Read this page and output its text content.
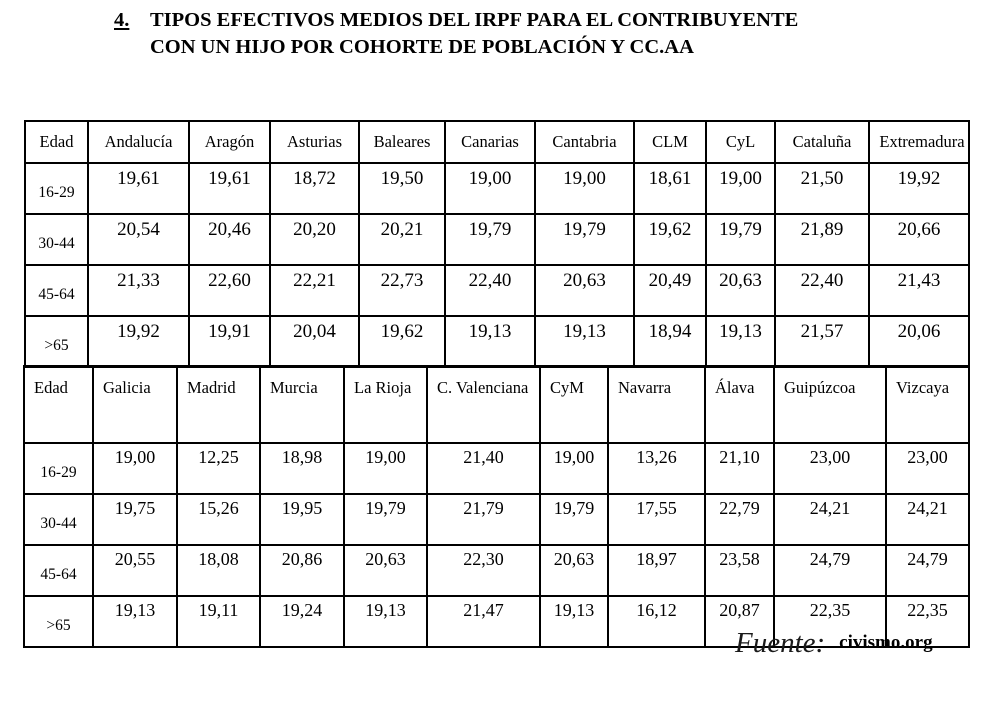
4. TIPOS EFECTIVOS MEDIOS DEL IRPF PARA EL CONTRIBUYENTE
CON UN HIJO POR COHORTE DE POBLACIÓN Y CC.AA
Edad	Andalucía	Aragón	Asturias	Baleares	Canarias	Cantabria	CLM	CyL	Cataluña	Extremadura
16-29	19,61	19,61	18,72	19,50	19,00	19,00	18,61	19,00	21,50	19,92
30-44	20,54	20,46	20,20	20,21	19,79	19,79	19,62	19,79	21,89	20,66
45-64	21,33	22,60	22,21	22,73	22,40	20,63	20,49	20,63	22,40	21,43
>65	19,92	19,91	20,04	19,62	19,13	19,13	18,94	19,13	21,57	20,06
Edad	Galicia	Madrid	Murcia	La Rioja	C. Valenciana	CyM	Navarra	Álava	Guipúzcoa	Vizcaya
16-29	19,00	12,25	18,98	19,00	21,40	19,00	13,26	21,10	23,00	23,00
30-44	19,75	15,26	19,95	19,79	21,79	19,79	17,55	22,79	24,21	24,21
45-64	20,55	18,08	20,86	20,63	22,30	20,63	18,97	23,58	24,79	24,79
>65	19,13	19,11	19,24	19,13	21,47	19,13	16,12	20,87	22,35	22,35
Fuente: civismo.org
